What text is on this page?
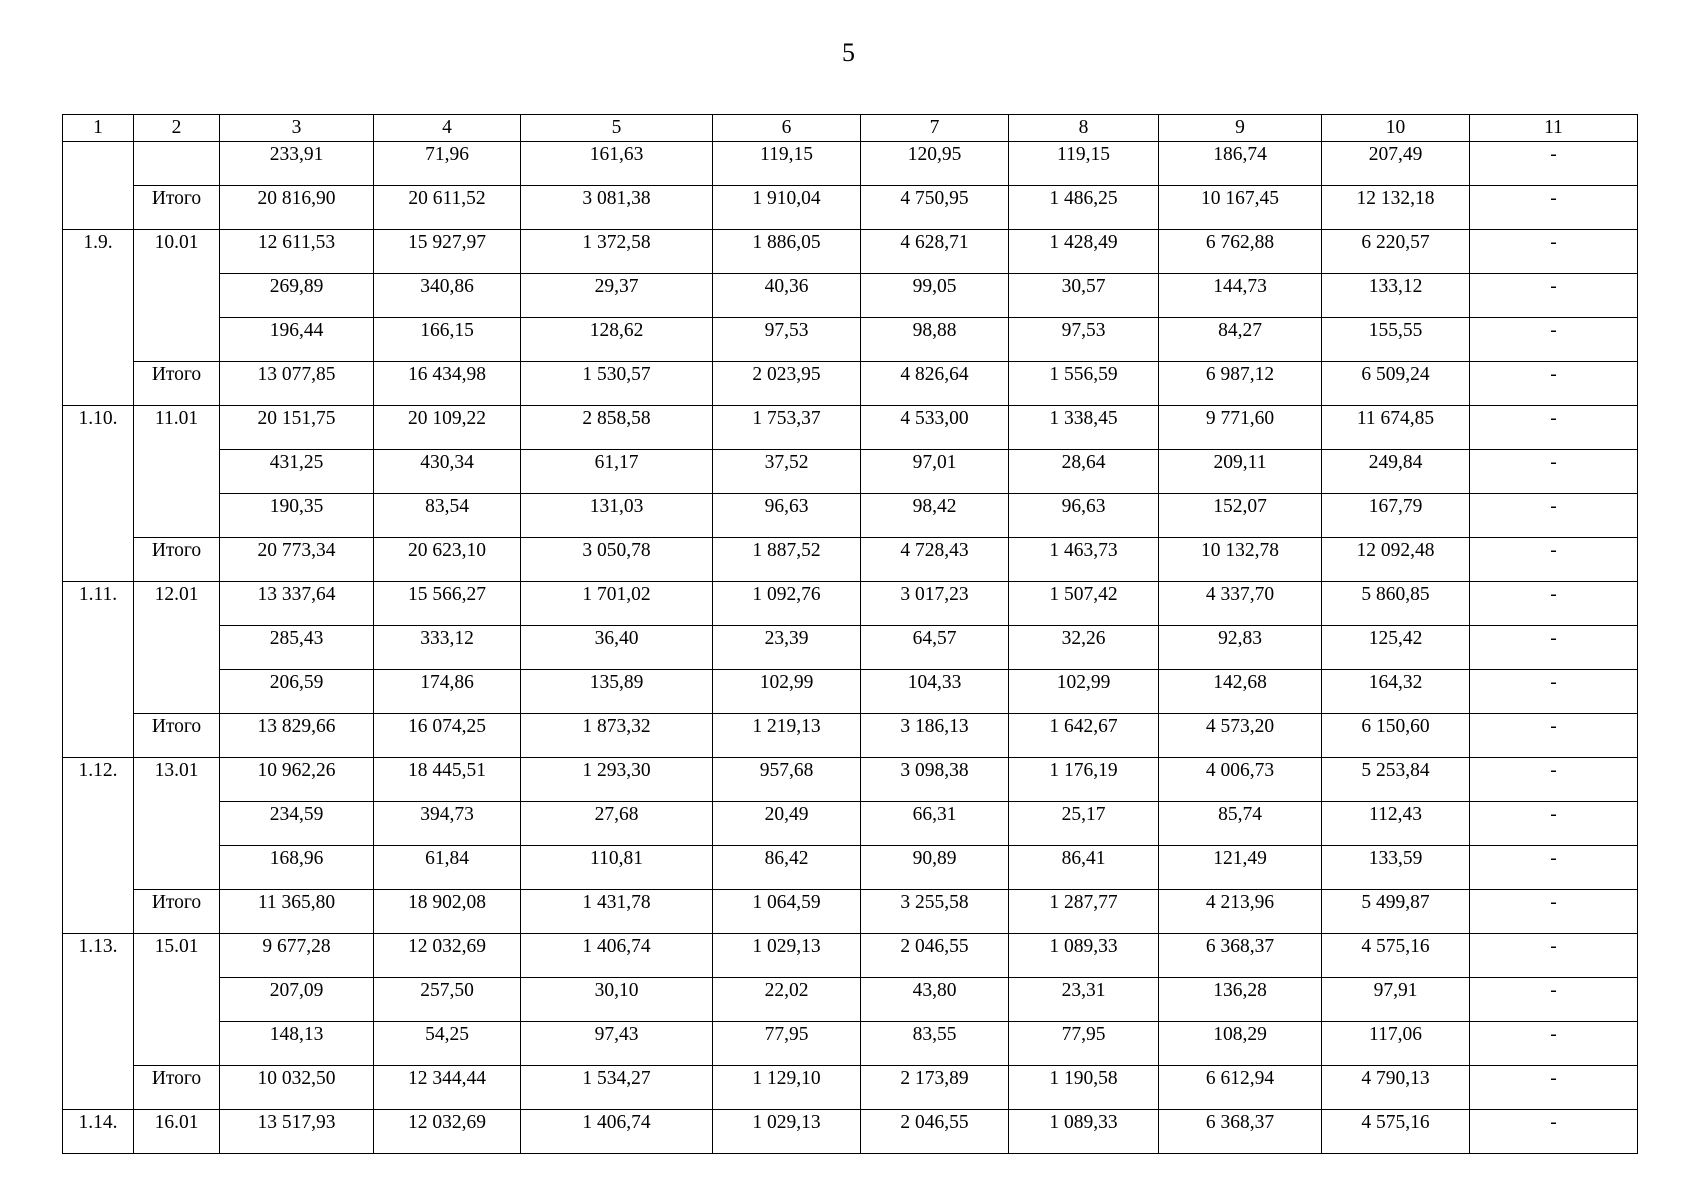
5
1	2	3	4	5	6	7	8	9	10	11
		233,91	71,96	161,63	119,15	120,95	119,15	186,74	207,49	-
	Итого	20 816,90	20 611,52	3 081,38	1 910,04	4 750,95	1 486,25	10 167,45	12 132,18	-
1.9.	10.01	12 611,53	15 927,97	1 372,58	1 886,05	4 628,71	1 428,49	6 762,88	6 220,57	-
		269,89	340,86	29,37	40,36	99,05	30,57	144,73	133,12	-
		196,44	166,15	128,62	97,53	98,88	97,53	84,27	155,55	-
	Итого	13 077,85	16 434,98	1 530,57	2 023,95	4 826,64	1 556,59	6 987,12	6 509,24	-
1.10.	11.01	20 151,75	20 109,22	2 858,58	1 753,37	4 533,00	1 338,45	9 771,60	11 674,85	-
		431,25	430,34	61,17	37,52	97,01	28,64	209,11	249,84	-
		190,35	83,54	131,03	96,63	98,42	96,63	152,07	167,79	-
	Итого	20 773,34	20 623,10	3 050,78	1 887,52	4 728,43	1 463,73	10 132,78	12 092,48	-
1.11.	12.01	13 337,64	15 566,27	1 701,02	1 092,76	3 017,23	1 507,42	4 337,70	5 860,85	-
		285,43	333,12	36,40	23,39	64,57	32,26	92,83	125,42	-
		206,59	174,86	135,89	102,99	104,33	102,99	142,68	164,32	-
	Итого	13 829,66	16 074,25	1 873,32	1 219,13	3 186,13	1 642,67	4 573,20	6 150,60	-
1.12.	13.01	10 962,26	18 445,51	1 293,30	957,68	3 098,38	1 176,19	4 006,73	5 253,84	-
		234,59	394,73	27,68	20,49	66,31	25,17	85,74	112,43	-
		168,96	61,84	110,81	86,42	90,89	86,41	121,49	133,59	-
	Итого	11 365,80	18 902,08	1 431,78	1 064,59	3 255,58	1 287,77	4 213,96	5 499,87	-
1.13.	15.01	9 677,28	12 032,69	1 406,74	1 029,13	2 046,55	1 089,33	6 368,37	4 575,16	-
		207,09	257,50	30,10	22,02	43,80	23,31	136,28	97,91	-
		148,13	54,25	97,43	77,95	83,55	77,95	108,29	117,06	-
	Итого	10 032,50	12 344,44	1 534,27	1 129,10	2 173,89	1 190,58	6 612,94	4 790,13	-
1.14.	16.01	13 517,93	12 032,69	1 406,74	1 029,13	2 046,55	1 089,33	6 368,37	4 575,16	-
